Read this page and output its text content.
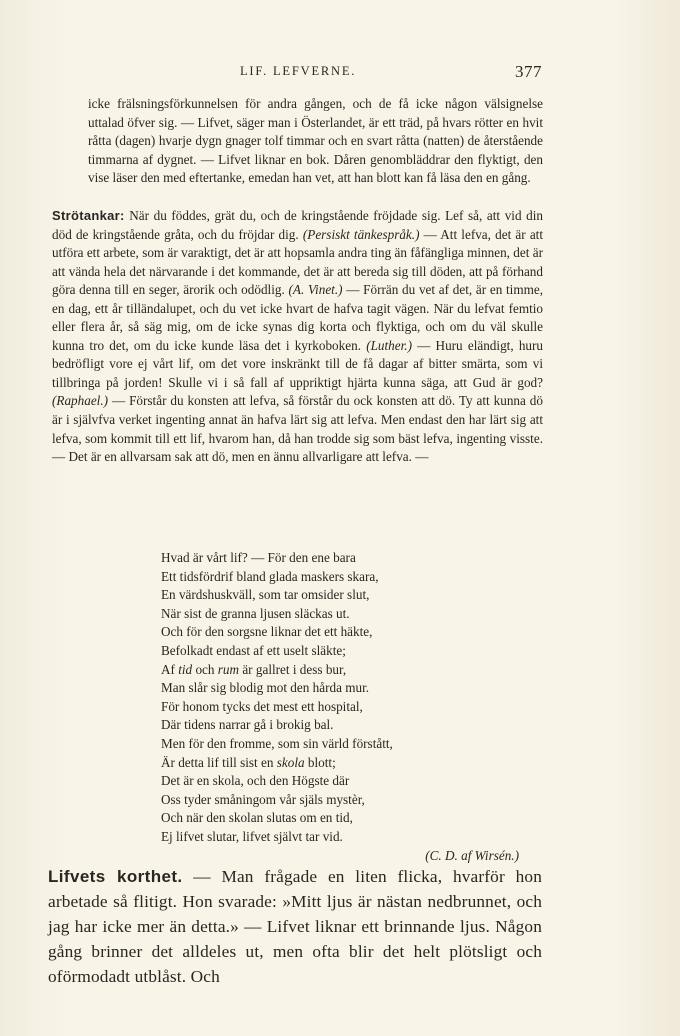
LIF. LEFVERNE.	377

icke frälsningsförkunnelsen för andra gången, och de få icke någon välsignelse uttalad öfver sig. — Lifvet, säger man i Österlandet, är ett träd, på hvars rötter en hvit råtta (dagen) hvarje dygn gnager tolf timmar och en svart råtta (natten) de återstående timmarna af dygnet. — Lifvet liknar en bok. Dåren genombläddrar den flyktigt, den vise läser den med eftertanke, emedan han vet, att han blott kan få läsa den en gång.

Strötankar: När du föddes, grät du, och de kringstående fröjdade sig. Lef så, att vid din död de kringstående gråta, och du fröjdar dig. (Persiskt tänkespråk.) — Att lefva, det är att utföra ett arbete, som är varaktigt, det är att hopsamla andra ting än fåfängliga minnen, det är att vända hela det närvarande i det kommande, det är att bereda sig till döden, att på förhand göra denna till en seger, ärorik och odödlig. (A. Vinet.) — Förrän du vet af det, är en timme, en dag, ett år tilländalupet, och du vet icke hvart de hafva tagit vägen. När du lefvat femtio eller flera år, så säg mig, om de icke synas dig korta och flyktiga, och om du väl skulle kunna tro det, om du icke kunde läsa det i kyrkoboken. (Luther.) — Huru eländigt, huru bedröfligt vore ej vårt lif, om det vore inskränkt till de få dagar af bitter smärta, som vi tillbringa på jorden! Skulle vi i så fall af uppriktigt hjärta kunna säga, att Gud är god? (Raphael.) — Förstår du konsten att lefva, så förstår du ock konsten att dö. Ty att kunna dö är i självfva verket ingenting annat än hafva lärt sig att lefva. Men endast den har lärt sig att lefva, som kommit till ett lif, hvarom han, då han trodde sig som bäst lefva, ingenting visste. — Det är en allvarsam sak att dö, men en ännu allvarligare att lefva. —

Hvad är vårt lif? — För den ene bara
Ett tidsfördrif bland glada maskers skara,
En värdshuskväll, som tar omsider slut,
När sist de granna ljusen släckas ut.
Och för den sorgsne liknar det ett häkte,
Befolkadt endast af ett uselt släkte;
Af tid och rum är gallret i dess bur,
Man slår sig blodig mot den hårda mur.
För honom tycks det mest ett hospital,
Där tidens narrar gå i brokig bal.
Men för den fromme, som sin värld förstått,
Är detta lif till sist en skola blott;
Det är en skola, och den Högste där
Oss tyder småningom vår själs mystèr,
Och när den skolan slutas om en tid,
Ej lifvet slutar, lifvet självt tar vid.
(C. D. af Wirsén.)
Lifvets korthet. — Man frågade en liten flicka, hvarför hon arbetade så flitigt. Hon svarade: »Mitt ljus är nästan nedbrunnet, och jag har icke mer än detta.» — Lifvet liknar ett brinnande ljus. Någon gång brinner det alldeles ut, men ofta blir det helt plötsligt och oförmodadt utblåst. Och
